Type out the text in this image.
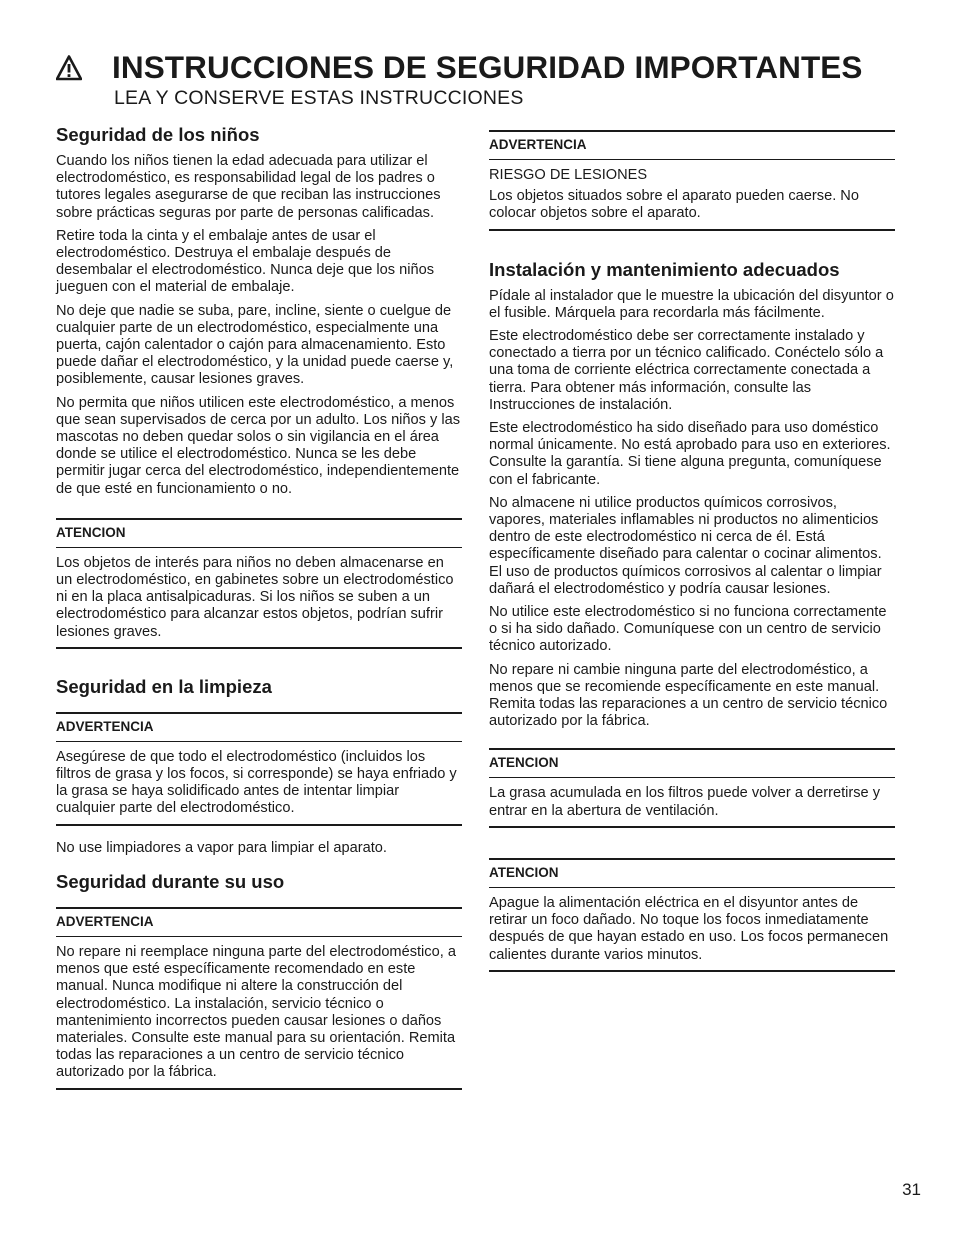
INSTRUCCIONES DE SEGURIDAD IMPORTANTES
LEA Y CONSERVE ESTAS INSTRUCCIONES
Seguridad de los niños

Cuando los niños tienen la edad adecuada para utilizar el electrodoméstico, es responsabilidad legal de los padres o tutores legales asegurarse de que reciban las instrucciones sobre prácticas seguras por parte de personas calificadas.

Retire toda la cinta y el embalaje antes de usar el electrodoméstico. Destruya el embalaje después de desembalar el electrodoméstico. Nunca deje que los niños jueguen con el material de embalaje.

No deje que nadie se suba, pare, incline, siente o cuelgue de cualquier parte de un electrodoméstico, especialmente una puerta, cajón calentador o cajón para almacenamiento. Esto puede dañar el electrodoméstico, y la unidad puede caerse y, posiblemente, causar lesiones graves.

No permita que niños utilicen este electrodoméstico, a menos que sean supervisados de cerca por un adulto. Los niños y las mascotas no deben quedar solos o sin vigilancia en el área donde se utilice el electrodoméstico. Nunca se les debe permitir jugar cerca del electrodoméstico, independientemente de que esté en funcionamiento o no.

ATENCION

Los objetos de interés para niños no deben almacenarse en un electrodoméstico, en gabinetes sobre un electrodoméstico ni en la placa antisalpicaduras. Si los niños se suben a un electrodoméstico para alcanzar estos objetos, podrían sufrir lesiones graves.

Seguridad en la limpieza
ADVERTENCIA

Asegúrese de que todo el electrodoméstico (incluidos los filtros de grasa y los focos, si corresponde) se haya enfriado y la grasa se haya solidificado antes de intentar limpiar cualquier parte del electrodoméstico.

No use limpiadores a vapor para limpiar el aparato.

Seguridad durante su uso
ADVERTENCIA

No repare ni reemplace ninguna parte del electrodoméstico, a menos que esté específicamente recomendado en este manual. Nunca modifique ni altere la construcción del electrodoméstico. La instalación, servicio técnico o mantenimiento incorrectos pueden causar lesiones o daños materiales. Consulte este manual para su orientación. Remita todas las reparaciones a un centro de servicio técnico autorizado por la fábrica.

ADVERTENCIA

RIESGO DE LESIONES

Los objetos situados sobre el aparato pueden caerse. No colocar objetos sobre el aparato.

Instalación y mantenimiento adecuados

Pídale al instalador que le muestre la ubicación del disyuntor o el fusible. Márquela para recordarla más fácilmente.

Este electrodoméstico debe ser correctamente instalado y conectado a tierra por un técnico calificado. Conéctelo sólo a una toma de corriente eléctrica correctamente conectada a tierra. Para obtener más información, consulte las Instrucciones de instalación.

Este electrodoméstico ha sido diseñado para uso doméstico normal únicamente. No está aprobado para uso en exteriores. Consulte la garantía. Si tiene alguna pregunta, comuníquese con el fabricante.

No almacene ni utilice productos químicos corrosivos, vapores, materiales inflamables ni productos no alimenticios dentro de este electrodoméstico ni cerca de él. Está específicamente diseñado para calentar o cocinar alimentos. El uso de productos químicos corrosivos al calentar o limpiar dañará el electrodoméstico y podría causar lesiones.

No utilice este electrodoméstico si no funciona correctamente o si ha sido dañado. Comuníquese con un centro de servicio técnico autorizado.

No repare ni cambie ninguna parte del electrodoméstico, a menos que se recomiende específicamente en este manual. Remita todas las reparaciones a un centro de servicio técnico autorizado por la fábrica.

ATENCION

La grasa acumulada en los filtros puede volver a derretirse y entrar en la abertura de ventilación.

ATENCION

Apague la alimentación eléctrica en el disyuntor antes de retirar un foco dañado. No toque los focos inmediatamente después de que hayan estado en uso. Los focos permanecen calientes durante varios minutos.

31
